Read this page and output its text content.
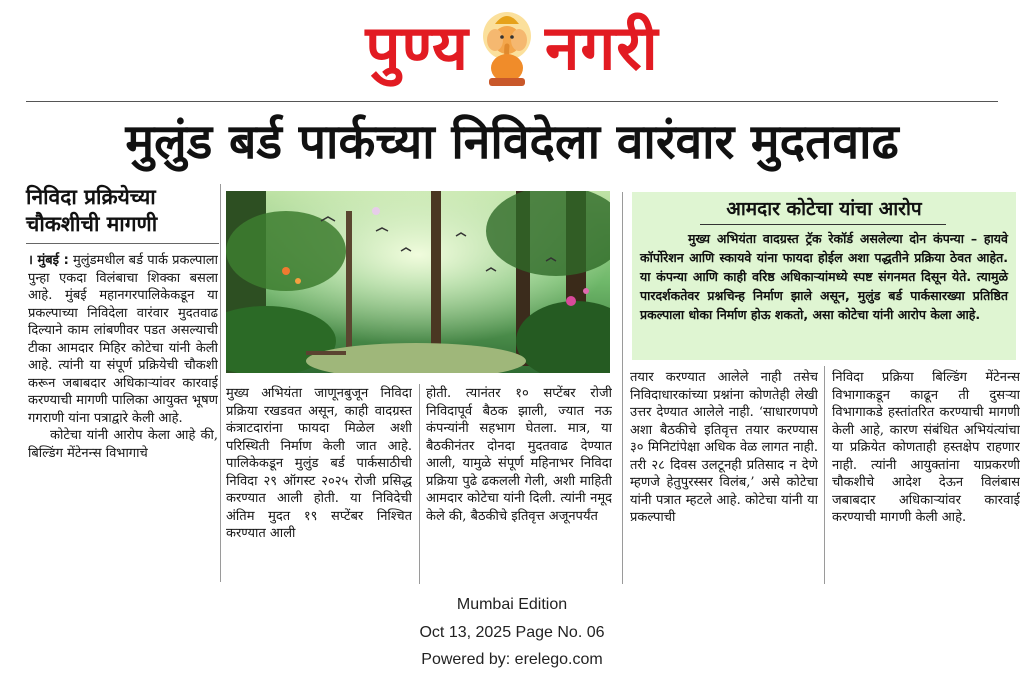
पुण्य नगरी
मुलुंड बर्ड पार्कच्या निविदेला वारंवार मुदतवाढ
निविदा प्रक्रियेच्या
चौकशीची मागणी

। मुंबई : मुलुंडमधील बर्ड पार्क प्रकल्पाला पुन्हा एकदा विलंबाचा शिक्का बसला आहे. मुंबई महानगरपालिकेकडून या प्रकल्पाच्या निविदेला वारंवार मुदतवाढ दिल्याने काम लांबणीवर पडत असल्याची टीका आमदार मिहिर कोटेचा यांनी केली आहे. त्यांनी या संपूर्ण प्रक्रियेची चौकशी करून जबाबदार अधिकाऱ्यांवर कारवाई करण्याची मागणी पालिका आयुक्त भूषण गगराणी यांना पत्राद्वारे केली आहे.

कोटेचा यांनी आरोप केला आहे की, बिल्डिंग मेंटेनन्स विभागाचे

आमदार कोटेचा यांचा आरोप
मुख्य अभियंता वादग्रस्त ट्रॅक रेकॉर्ड असलेल्या दोन कंपन्या – हायवे कॉर्पोरेशन आणि स्कायवे यांना फायदा होईल अशा पद्धतीने प्रक्रिया ठेवत आहेत. या कंपन्या आणि काही वरिष्ठ अधिकाऱ्यांमध्ये स्पष्ट संगनमत दिसून येते. त्यामुळे पारदर्शकतेवर प्रश्नचिन्ह निर्माण झाले असून, मुलुंड बर्ड पार्कसारख्या प्रतिष्ठित प्रकल्पाला धोका निर्माण होऊ शकतो, असा कोटेचा यांनी आरोप केला आहे.
मुख्य अभियंता जाणूनबुजून निविदा प्रक्रिया रखडवत असून, काही वादग्रस्त कंत्राटदारांना फायदा मिळेल अशी परिस्थिती निर्माण केली जात आहे. पालिकेकडून मुलुंड बर्ड पार्कसाठीची निविदा २९ ऑगस्ट २०२५ रोजी प्रसिद्ध करण्यात आली होती. या निविदेची अंतिम मुदत १९ सप्टेंबर निश्चित करण्यात आली
होती. त्यानंतर १० सप्टेंबर रोजी निविदापूर्व बैठक झाली, ज्यात नऊ कंपन्यांनी सहभाग घेतला. मात्र, या बैठकीनंतर दोनदा मुदतवाढ देण्यात आली, यामुळे संपूर्ण महिनाभर निविदा प्रक्रिया पुढे ढकलली गेली, अशी माहिती आमदार कोटेचा यांनी दिली. त्यांनी नमूद केले की, बैठकीचे इतिवृत्त अजूनपर्यंत
तयार करण्यात आलेले नाही तसेच निविदाधारकांच्या प्रश्नांना कोणतेही लेखी उत्तर देण्यात आलेले नाही. ‘साधारणपणे अशा बैठकीचे इतिवृत्त तयार करण्यास ३० मिनिटांपेक्षा अधिक वेळ लागत नाही. तरी २८ दिवस उलटूनही प्रतिसाद न देणे म्हणजे हेतुपुरस्सर विलंब,’ असे कोटेचा यांनी पत्रात म्हटले आहे. कोटेचा यांनी या प्रकल्पाची
निविदा प्रक्रिया बिल्डिंग मेंटेनन्स विभागाकडून काढून ती दुसऱ्या विभागाकडे हस्तांतरित करण्याची मागणी केली आहे, कारण संबंधित अभियंत्यांचा या प्रक्रियेत कोणताही हस्तक्षेप राहणार नाही. त्यांनी आयुक्तांना याप्रकरणी चौकशीचे आदेश देऊन विलंबास जबाबदार अधिकाऱ्यांवर कारवाई करण्याची मागणी केली आहे.
Mumbai Edition
Oct 13, 2025 Page No. 06
Powered by: erelego.com
